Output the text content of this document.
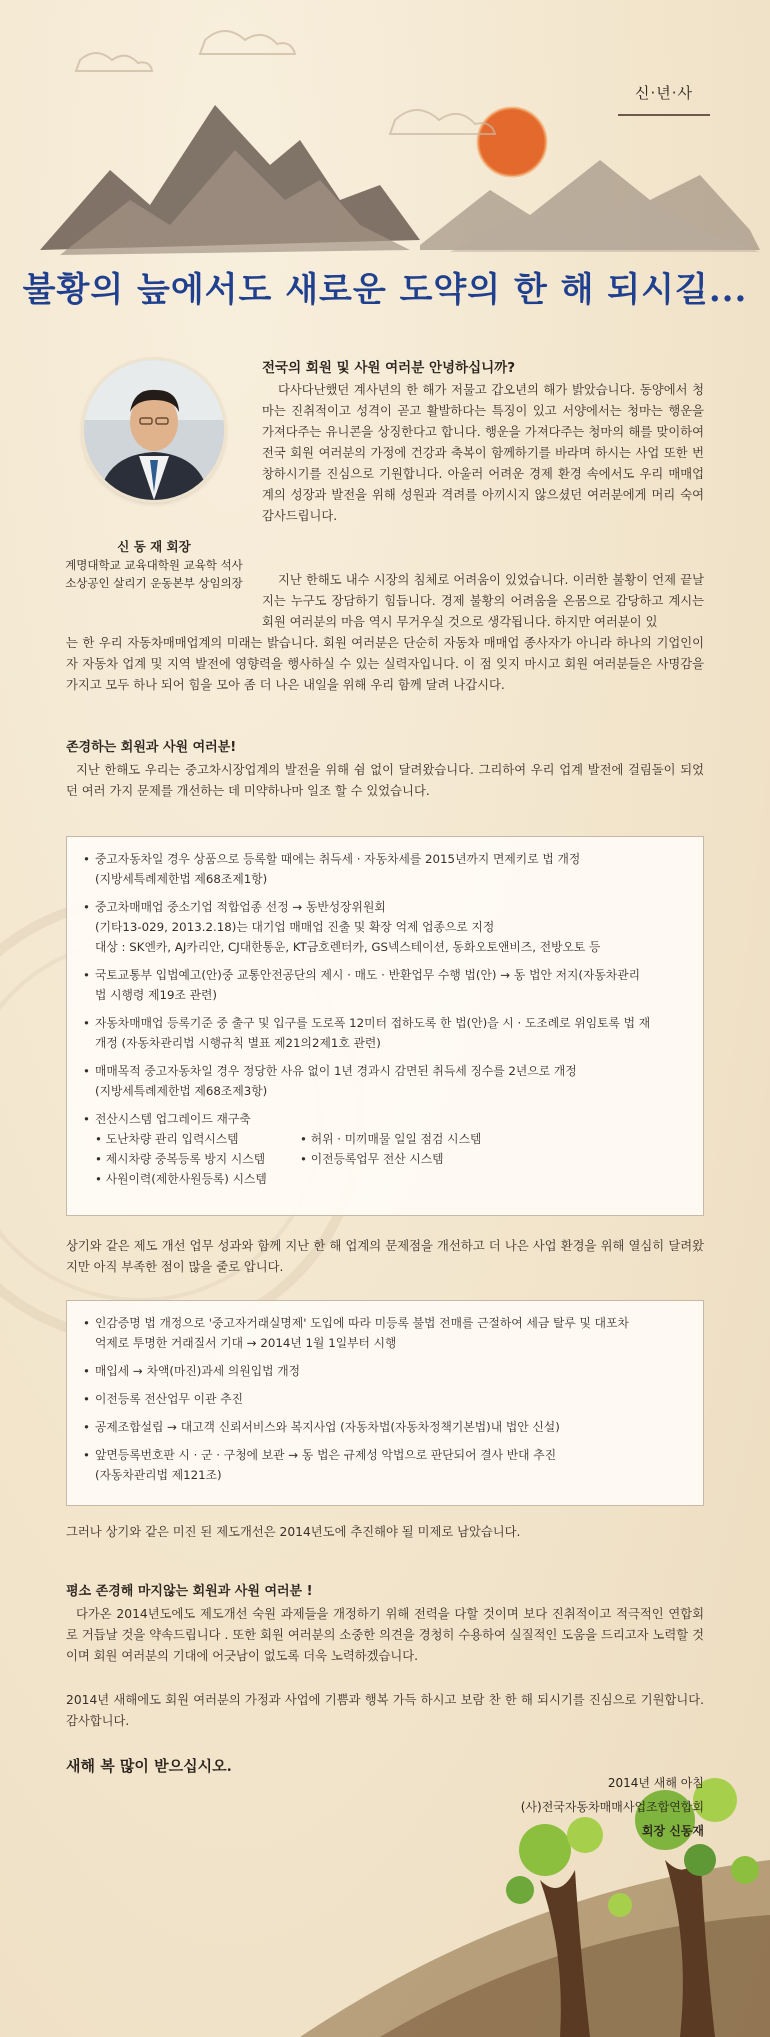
신·년·사
불황의 늪에서도 새로운 도약의 한 해 되시길...
신 동 재 회장
계명대학교 교육대학원 교육학 석사
소상공인 살리기 운동본부 상임의장
전국의 회원 및 사원 여러분 안녕하십니까?

다사다난했던 계사년의 한 해가 저물고 갑오년의 해가 밝았습니다. 동양에서 청마는 진취적이고 성격이 곧고 활발하다는 특징이 있고 서양에서는 청마는 행운을 가져다주는 유니콘을 상징한다고 합니다. 행운을 가져다주는 청마의 해를 맞이하여 전국 회원 여러분의 가정에 건강과 축복이 함께하기를 바라며 하시는 사업 또한 번창하시기를 진심으로 기원합니다. 아울러 어려운 경제 환경 속에서도 우리 매매업계의 성장과 발전을 위해 성원과 격려를 아끼시지 않으셨던 여러분에게 머리 숙여 감사드립니다.

지난 한해도 내수 시장의 침체로 어려움이 있었습니다. 이러한 불황이 언제 끝날지는 누구도 장담하기 힘듭니다. 경제 불황의 어려움을 온몸으로 감당하고 계시는 회원 여러분의 마음 역시 무거우실 것으로 생각됩니다. 하지만 여러분이 있

는 한 우리 자동차매매업계의 미래는 밝습니다. 회원 여러분은 단순히 자동차 매매업 종사자가 아니라 하나의 기업인이자 자동차 업계 및 지역 발전에 영향력을 행사하실 수 있는 실력자입니다. 이 점 잊지 마시고 회원 여러분들은 사명감을 가지고 모두 하나 되어 힘을 모아 좀 더 나은 내일을 위해 우리 함께 달려 나갑시다.

존경하는 회원과 사원 여러분!

지난 한해도 우리는 중고차시장업계의 발전을 위해 쉼 없이 달려왔습니다. 그리하여 우리 업계 발전에 걸림돌이 되었던 여러 가지 문제를 개선하는 데 미약하나마 일조 할 수 있었습니다.

• 중고자동차일 경우 상품으로 등록할 때에는 취득세 · 자동차세를 2015년까지 면제키로 법 개정
(지방세특례제한법 제68조제1항)
• 중고차매매업 중소기업 적합업종 선정 → 동반성장위원회
(기타13-029, 2013.2.18)는 대기업 매매업 진출 및 확장 억제 업종으로 지정
대상 : SK엔카, AJ카리안, CJ대한통운, KT금호렌터카, GS넥스테이션, 동화오토앤비즈, 전방오토 등
• 국토교통부 입법예고(안)중 교통안전공단의 제시 · 매도 · 반환업무 수행 법(안) → 동 법안 저지(자동차관리
법 시행령 제19조 관련)
• 자동차매매업 등록기준 중 출구 및 입구를 도로폭 12미터 접하도록 한 법(안)을 시 · 도조례로 위임토록 법 재
개정 (자동차관리법 시행규칙 별표 제21의2제1호 관련)
• 매매목적 중고자동차일 경우 정당한 사유 없이 1년 경과시 감면된 취득세 징수를 2년으로 개정
(지방세특례제한법 제68조제3항)
• 전산시스템 업그레이드 재구축
• 도난차량 관리 입력시스템	• 허위 · 미끼매물 일일 점검 시스템
• 제시차량 중복등록 방지 시스템	• 이전등록업무 전산 시스템
• 사원이력(제한사원등록) 시스템

상기와 같은 제도 개선 업무 성과와 함께 지난 한 해 업계의 문제점을 개선하고 더 나은 사업 환경을 위해 열심히 달려왔지만 아직 부족한 점이 많을 줄로 압니다.

• 인감증명 법 개정으로 '중고자거래실명제' 도입에 따라 미등록 불법 전매를 근절하여 세금 탈루 및 대포차
억제로 투명한 거래질서 기대 → 2014년 1월 1일부터 시행
• 매입세 → 차액(마진)과세 의원입법 개정
• 이전등록 전산업무 이관 추진
• 공제조합설립 → 대고객 신뢰서비스와 복지사업 (자동차법(자동차정책기본법)내 법안 신설)
• 앞면등록번호판 시 · 군 · 구청에 보관 → 동 법은 규제성 악법으로 판단되어 결사 반대 추진
(자동차관리법 제121조)

그러나 상기와 같은 미진 된 제도개선은 2014년도에 추진해야 될 미제로 남았습니다.

평소 존경해 마지않는 회원과 사원 여러분 !

다가온 2014년도에도 제도개선 숙원 과제들을 개정하기 위해 전력을 다할 것이며 보다 진취적이고 적극적인 연합회로 거듭날 것을 약속드립니다 . 또한 회원 여러분의 소중한 의견을 경청히 수용하여 실질적인 도움을 드리고자 노력할 것이며 회원 여러분의 기대에 어긋남이 없도록 더욱 노력하겠습니다.

2014년 새해에도 회원 여러분의 가정과 사업에 기쁨과 행복 가득 하시고 보람 찬 한 해 되시기를 진심으로 기원합니다. 감사합니다.

새해 복 많이 받으십시오.
2014년 새해 아침
(사)전국자동차매매사업조합연합회
회장 신동재
